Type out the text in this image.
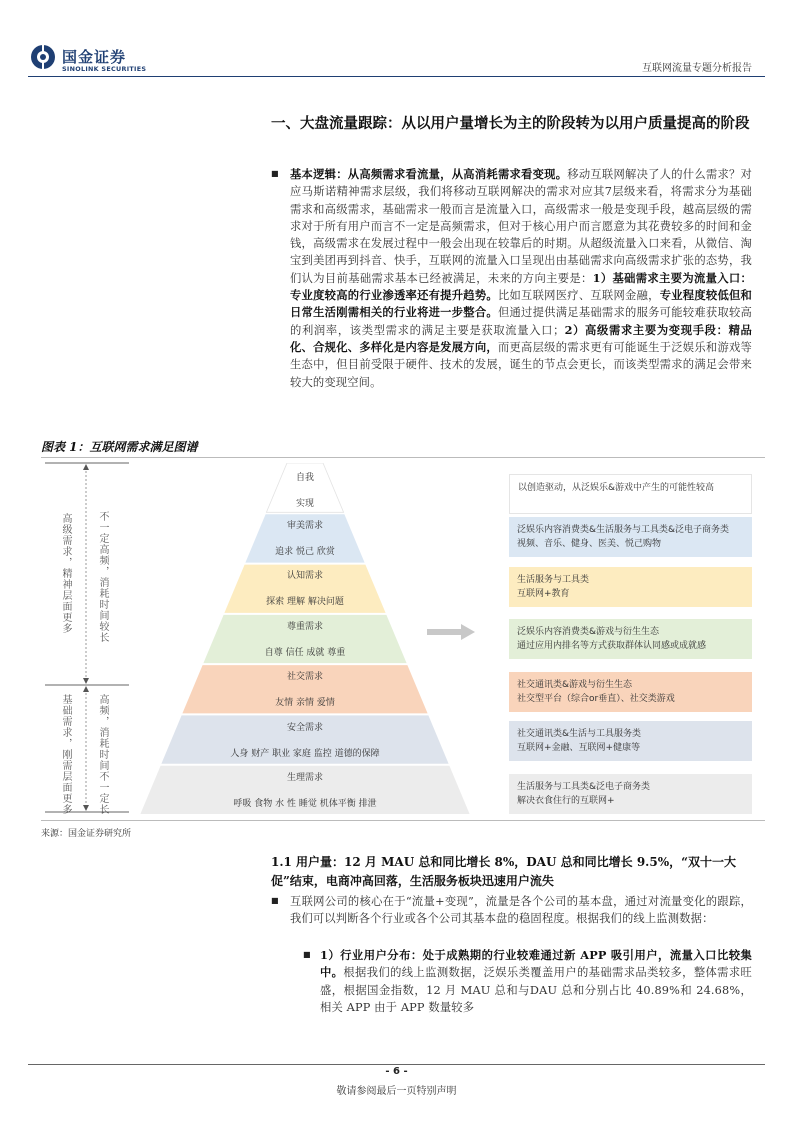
国金证券
SINOLINK SECURITIES	互联网流量专题分析报告
一、大盘流量跟踪：从以用户量增长为主的阶段转为以用户质量提高的阶段
■ 基本逻辑：从高频需求看流量，从高消耗需求看变现。移动互联网解决了人的什么需求？对应马斯诺精神需求层级，我们将移动互联网解决的需求对应其7层级来看，将需求分为基础需求和高级需求，基础需求一般而言是流量入口，高级需求一般是变现手段，越高层级的需求对于所有用户而言不一定是高频需求，但对于核心用户而言愿意为其花费较多的时间和金钱，高级需求在发展过程中一般会出现在较靠后的时期。从超级流量入口来看，从微信、淘宝到美团再到抖音、快手，互联网的流量入口呈现出由基础需求向高级需求扩张的态势，我们认为目前基础需求基本已经被满足，未来的方向主要是：1）基础需求主要为流量入口：专业度较高的行业渗透率还有提升趋势。比如互联网医疗、互联网金融，专业程度较低但和日常生活刚需相关的行业将进一步整合。但通过提供满足基础需求的服务可能较难获取较高的利润率，该类型需求的满足主要是获取流量入口；2）高级需求主要为变现手段：精品化、合规化、多样化是内容是发展方向，而更高层级的需求更有可能诞生于泛娱乐和游戏等生态中，但目前受限于硬件、技术的发展，诞生的节点会更长，而该类型需求的满足会带来较大的变现空间。
图表 1：互联网需求满足图谱
高级需求，精神层面更多	不一定高频，消耗时间较长
基础需求，刚需层面更多	高频，消耗时间不一定长
自我

实现
审美需求

追求 悦己 欣赏
认知需求

探索 理解 解决问题
尊重需求

自尊 信任 成就 尊重
社交需求

友情 亲情 爱情
安全需求

人身 财产 职业 家庭 监控 道德的保障
生理需求

呼吸 食物 水 性 睡觉 机体平衡 排泄
以创造驱动，从泛娱乐&游戏中产生的可能性较高
泛娱乐内容消费类&生活服务与工具类&泛电子商务类
视频、音乐、健身、医美、悦己购物
生活服务与工具类
互联网+教育
泛娱乐内容消费类&游戏与衍生生态
通过应用内排名等方式获取群体认同感或成就感
社交通讯类&游戏与衍生生态
社交型平台（综合or垂直）、社交类游戏
社交通讯类&生活与工具服务类
互联网+金融、互联网+健康等
生活服务与工具类&泛电子商务类
解决衣食住行的互联网+
来源：国金证券研究所
1.1 用户量：12 月 MAU 总和同比增长 8%，DAU 总和同比增长 9.5%，“双十一大促”结束，电商冲高回落，生活服务板块迅速用户流失
■ 互联网公司的核心在于“流量+变现”，流量是各个公司的基本盘，通过对流量变化的跟踪，我们可以判断各个行业或各个公司其基本盘的稳固程度。根据我们的线上监测数据：
■ 1）行业用户分布：处于成熟期的行业较难通过新 APP 吸引用户，流量入口比较集中。根据我们的线上监测数据，泛娱乐类覆盖用户的基础需求品类较多，整体需求旺盛，根据国金指数，12 月 MAU 总和与DAU 总和分别占比 40.89%和 24.68%，相关 APP 由于 APP 数量较多
- 6 -
敬请参阅最后一页特别声明
